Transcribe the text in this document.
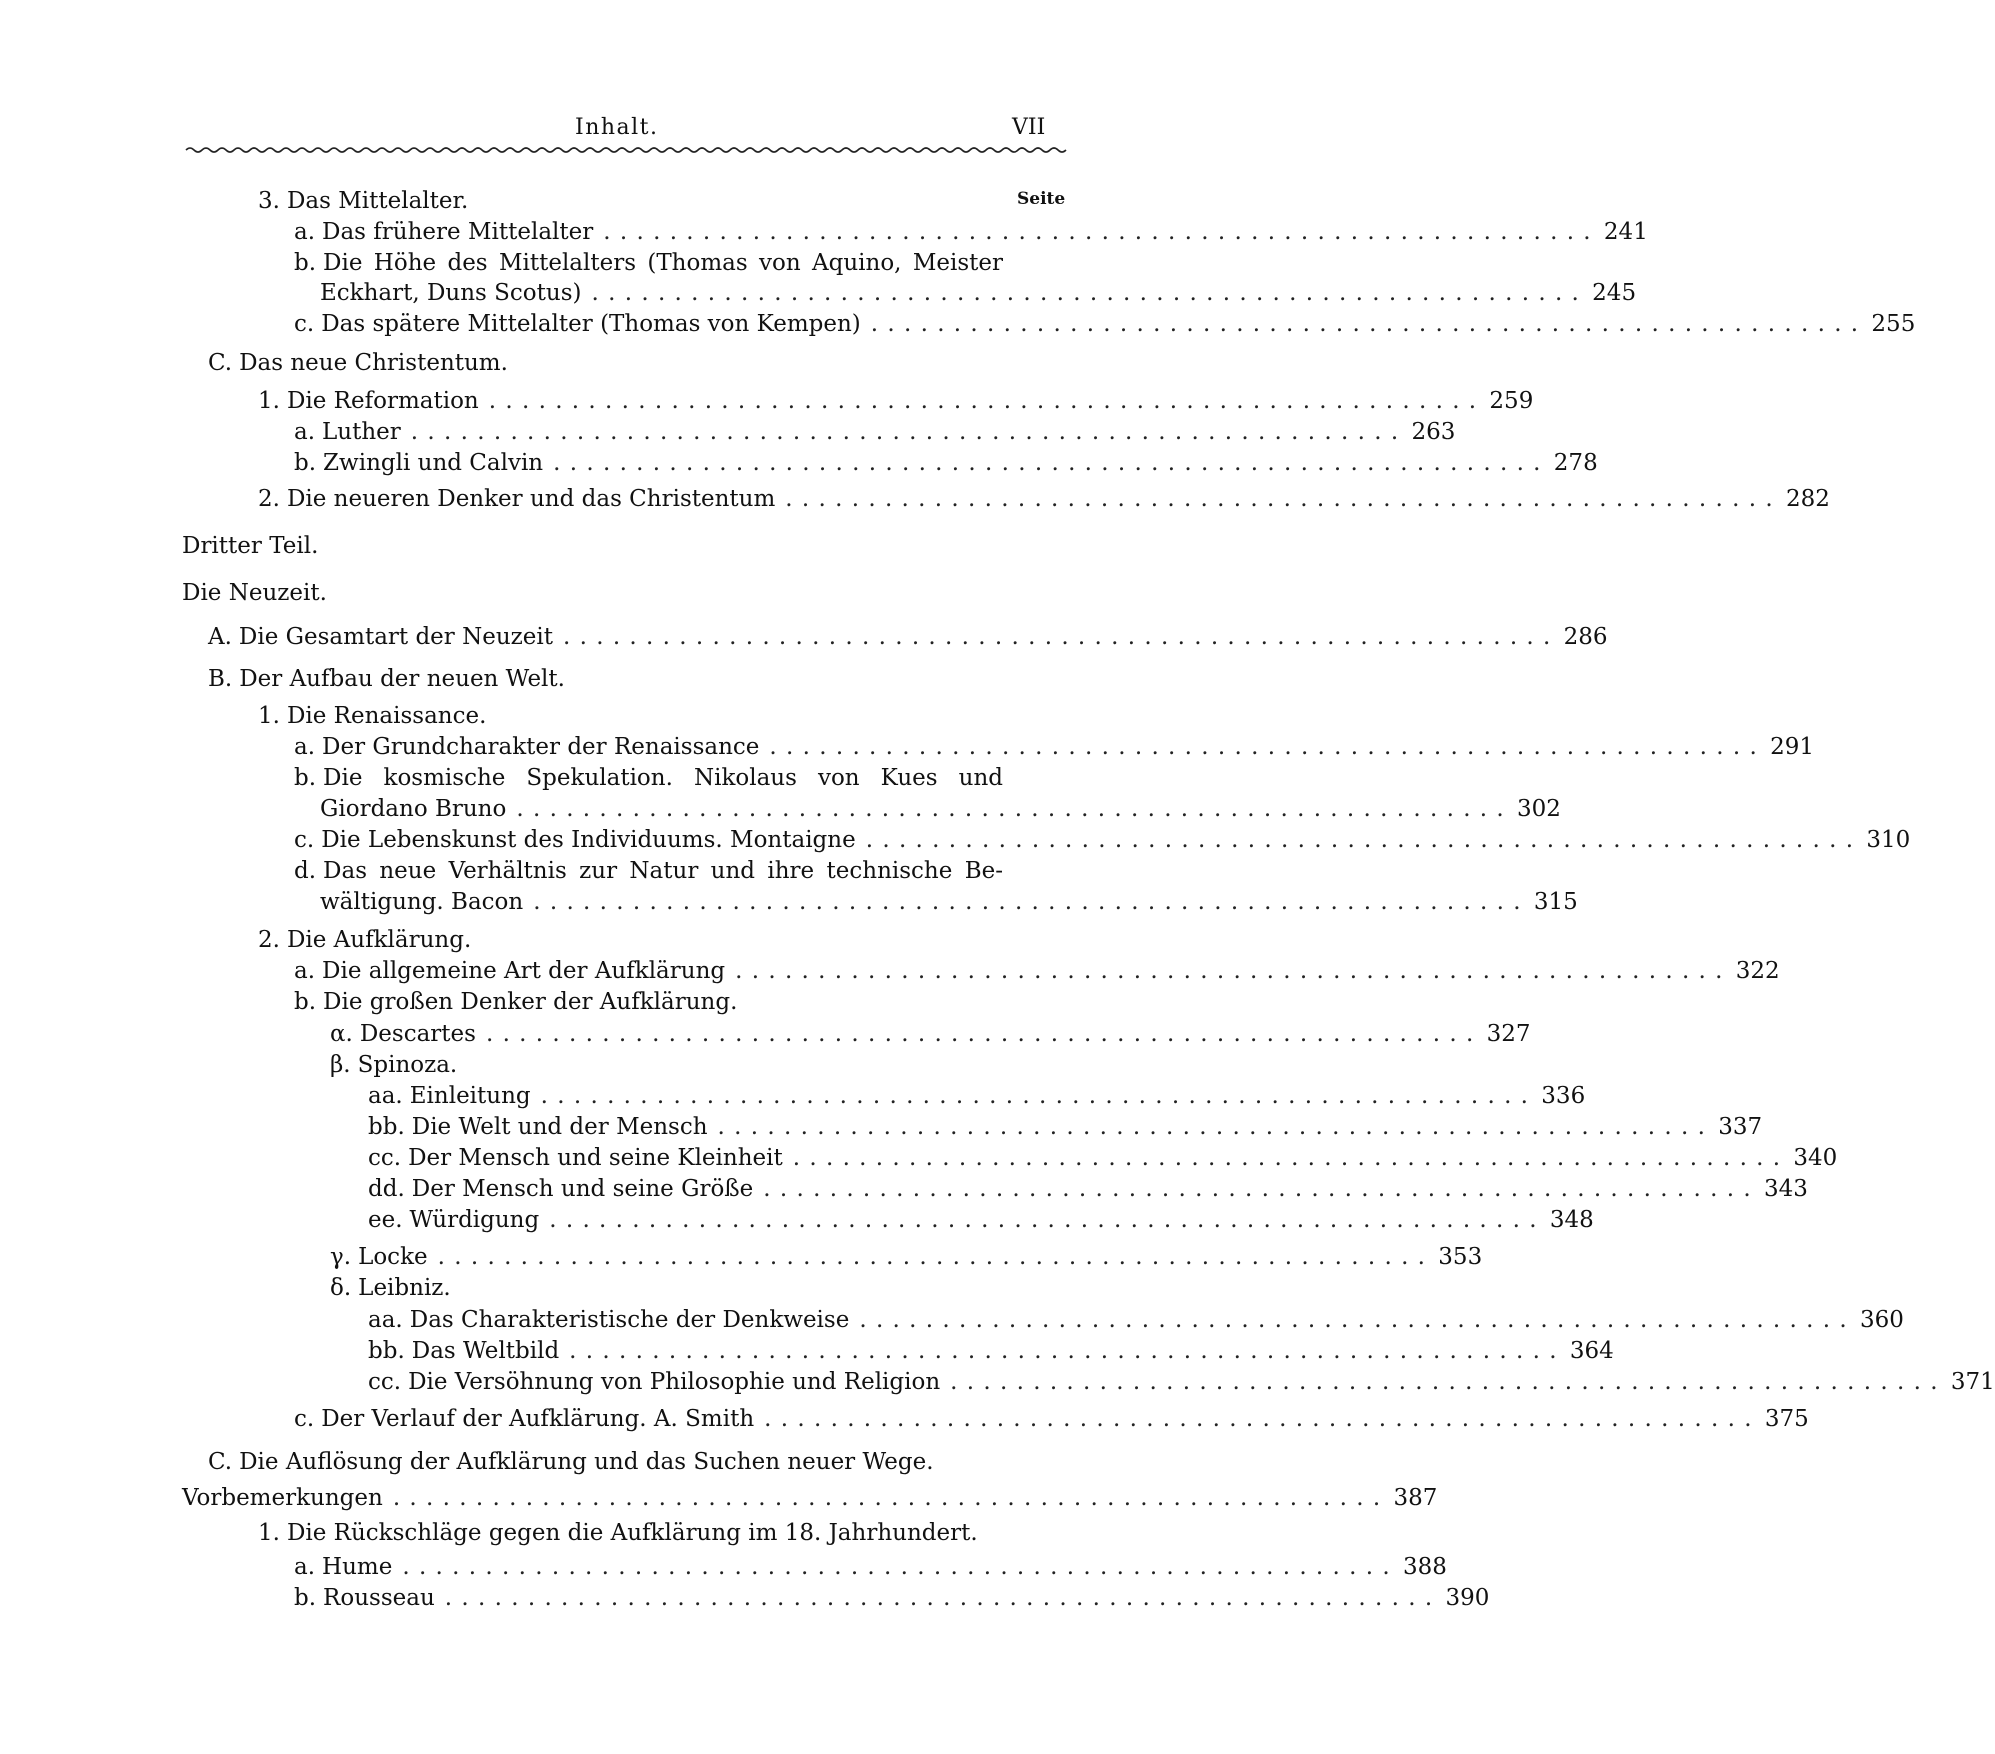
Inhalt.	VII
Seite
3. Das Mittelalter.
a. Das frühere Mittelalter ............................................................ 241
b. Die Höhe des Mittelalters (Thomas von Aquino, Meister
Eckhart, Duns Scotus) ............................................................ 245
c. Das spätere Mittelalter (Thomas von Kempen) ............................................................ 255
C. Das neue Christentum.
1. Die Reformation ............................................................ 259
a. Luther ............................................................ 263
b. Zwingli und Calvin ............................................................ 278
2. Die neueren Denker und das Christentum ............................................................ 282
Dritter Teil.
Die Neuzeit.
A. Die Gesamtart der Neuzeit ............................................................ 286
B. Der Aufbau der neuen Welt.
1. Die Renaissance.
a. Der Grundcharakter der Renaissance ............................................................ 291
b. Die kosmische Spekulation. Nikolaus von Kues und
Giordano Bruno ............................................................ 302
c. Die Lebenskunst des Individuums. Montaigne ............................................................ 310
d. Das neue Verhältnis zur Natur und ihre technische Be-
wältigung. Bacon ............................................................ 315
2. Die Aufklärung.
a. Die allgemeine Art der Aufklärung ............................................................ 322
b. Die großen Denker der Aufklärung.
α. Descartes ............................................................ 327
β. Spinoza.
aa. Einleitung ............................................................ 336
bb. Die Welt und der Mensch ............................................................ 337
cc. Der Mensch und seine Kleinheit ............................................................ 340
dd. Der Mensch und seine Größe ............................................................ 343
ee. Würdigung ............................................................ 348
γ. Locke ............................................................ 353
δ. Leibniz.
aa. Das Charakteristische der Denkweise ............................................................ 360
bb. Das Weltbild ............................................................ 364
cc. Die Versöhnung von Philosophie und Religion ............................................................ 371
c. Der Verlauf der Aufklärung. A. Smith ............................................................ 375
C. Die Auflösung der Aufklärung und das Suchen neuer Wege.
Vorbemerkungen ............................................................ 387
1. Die Rückschläge gegen die Aufklärung im 18. Jahrhundert.
a. Hume ............................................................ 388
b. Rousseau ............................................................ 390
